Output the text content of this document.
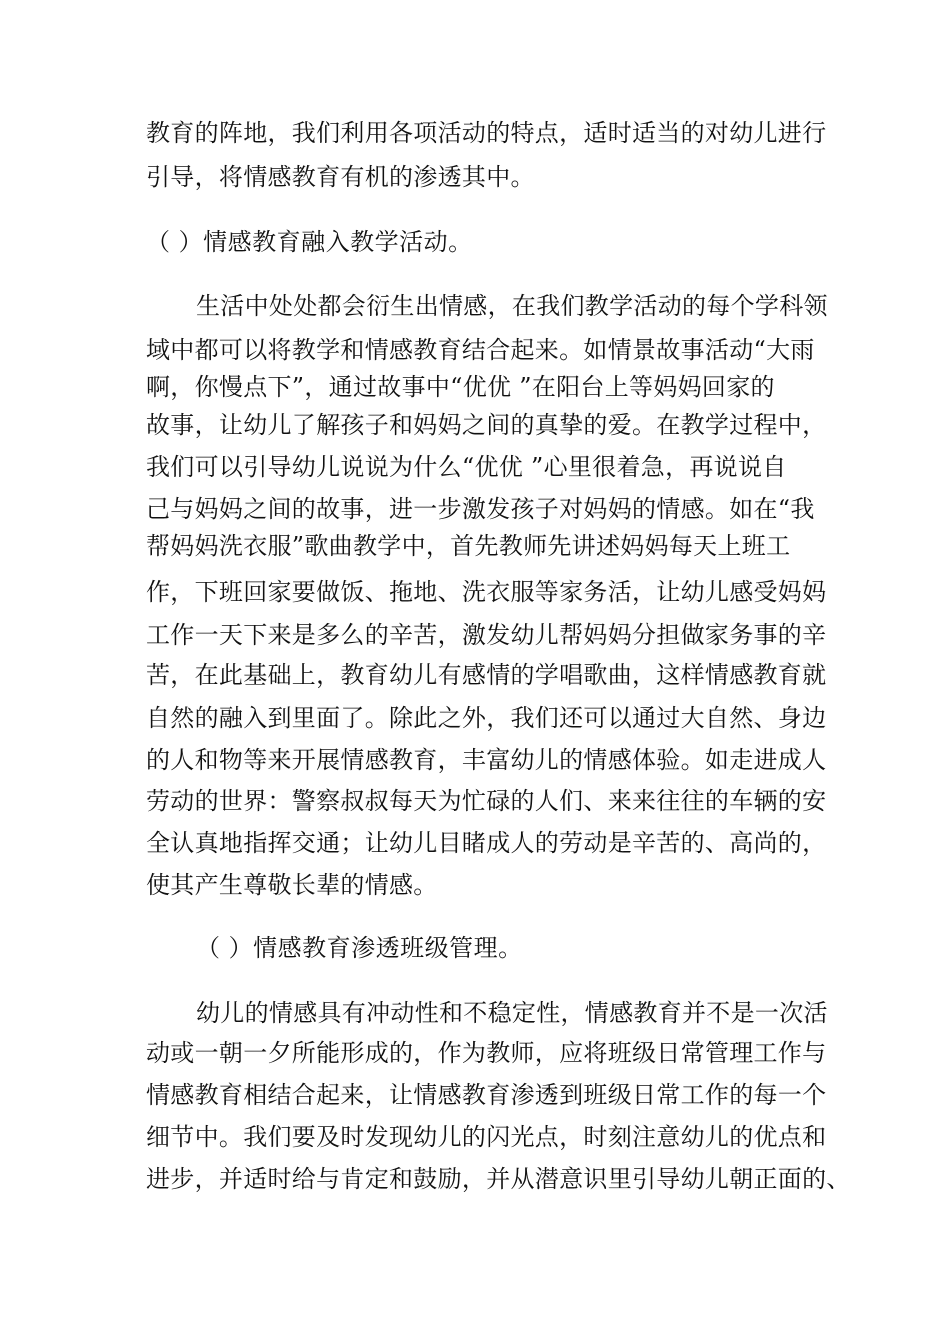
教育的阵地，我们利用各项活动的特点，适时适当的对幼儿进行
引导，将情感教育有机的渗透其中。
（ ）情感教育融入教学活动。
生活中处处都会衍生出情感，在我们教学活动的每个学科领
域中都可以将教学和情感教育结合起来。如情景故事活动“大雨
啊，你慢点下”，通过故事中“优优 ”在阳台上等妈妈回家的
故事，让幼儿了解孩子和妈妈之间的真挚的爱。在教学过程中，
我们可以引导幼儿说说为什么“优优 ”心里很着急，再说说自
己与妈妈之间的故事，进一步激发孩子对妈妈的情感。如在“我
帮妈妈洗衣服”歌曲教学中，首先教师先讲述妈妈每天上班工
作，下班回家要做饭、拖地、洗衣服等家务活，让幼儿感受妈妈
工作一天下来是多么的辛苦，激发幼儿帮妈妈分担做家务事的辛
苦，在此基础上，教育幼儿有感情的学唱歌曲，这样情感教育就
自然的融入到里面了。除此之外，我们还可以通过大自然、身边
的人和物等来开展情感教育，丰富幼儿的情感体验。如走进成人
劳动的世界：警察叔叔每天为忙碌的人们、来来往往的车辆的安
全认真地指挥交通；让幼儿目睹成人的劳动是辛苦的、高尚的，
使其产生尊敬长辈的情感。
（ ）情感教育渗透班级管理。
幼儿的情感具有冲动性和不稳定性，情感教育并不是一次活
动或一朝一夕所能形成的，作为教师，应将班级日常管理工作与
情感教育相结合起来，让情感教育渗透到班级日常工作的每一个
细节中。我们要及时发现幼儿的闪光点，时刻注意幼儿的优点和
进步，并适时给与肯定和鼓励，并从潜意识里引导幼儿朝正面的、
